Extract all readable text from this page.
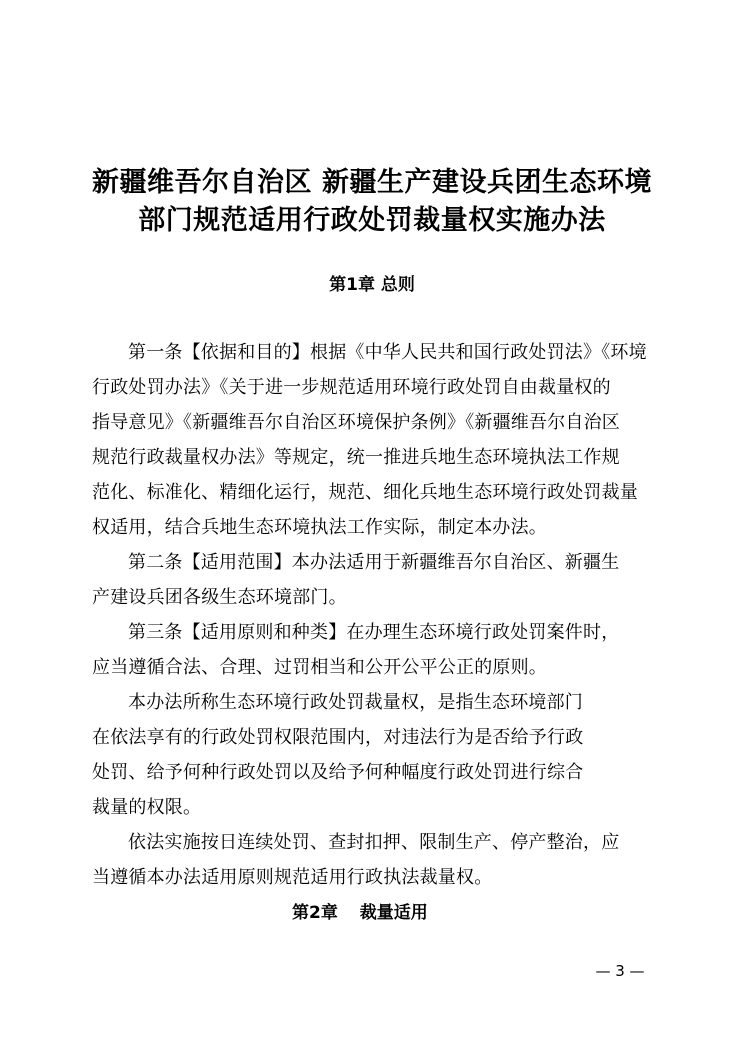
新疆维吾尔自治区 新疆生产建设兵团生态环境
部门规范适用行政处罚裁量权实施办法
第1章 总则
第一条【依据和目的】根据《中华人民共和国行政处罚法》《环境
行政处罚办法》《关于进一步规范适用环境行政处罚自由裁量权的
指导意见》《新疆维吾尔自治区环境保护条例》《新疆维吾尔自治区
规范行政裁量权办法》等规定，统一推进兵地生态环境执法工作规
范化、标准化、精细化运行，规范、细化兵地生态环境行政处罚裁量
权适用，结合兵地生态环境执法工作实际，制定本办法。
第二条【适用范围】本办法适用于新疆维吾尔自治区、新疆生
产建设兵团各级生态环境部门。
第三条【适用原则和种类】在办理生态环境行政处罚案件时，
应当遵循合法、合理、过罚相当和公开公平公正的原则。
本办法所称生态环境行政处罚裁量权，是指生态环境部门
在依法享有的行政处罚权限范围内，对违法行为是否给予行政
处罚、给予何种行政处罚以及给予何种幅度行政处罚进行综合
裁量的权限。
依法实施按日连续处罚、查封扣押、限制生产、停产整治，应
当遵循本办法适用原则规范适用行政执法裁量权。
第2章 裁量适用
— 3 —
